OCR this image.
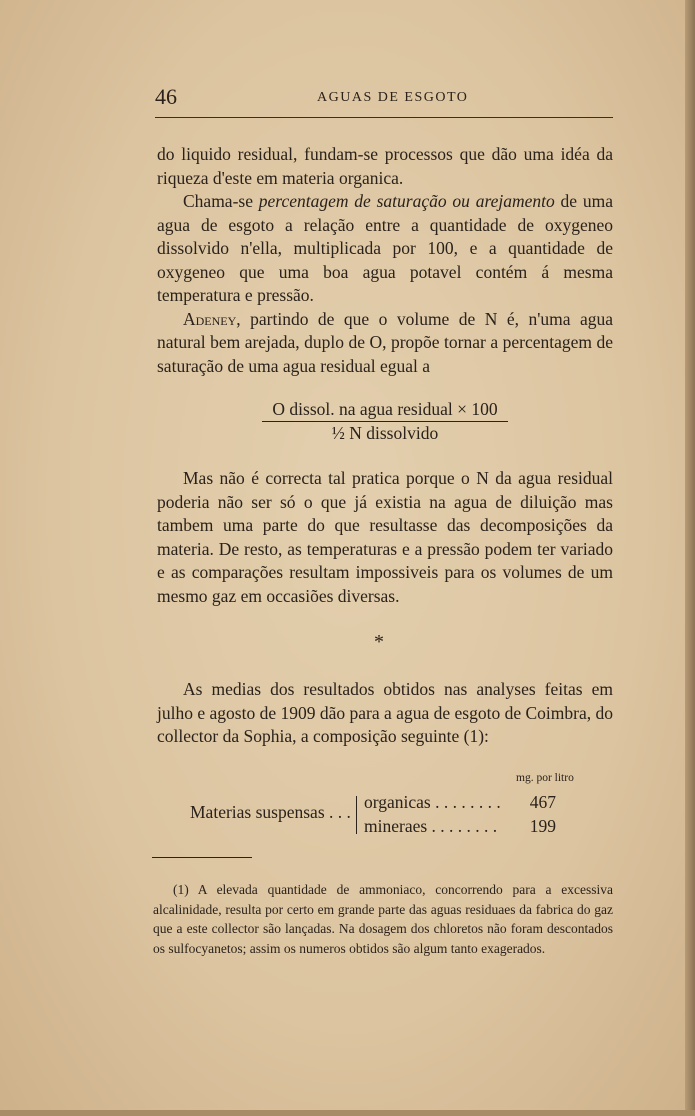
46	AGUAS DE ESGOTO

do liquido residual, fundam-se processos que dão uma idéa da riqueza d'este em materia organica.

Chama-se percentagem de saturação ou arejamento de uma agua de esgoto a relação entre a quantidade de oxygeneo dissolvido n'ella, multiplicada por 100, e a quantidade de oxygeneo que uma boa agua potavel contém á mesma temperatura e pressão.

Adeney, partindo de que o volume de N é, n'uma agua natural bem arejada, duplo de O, propõe tornar a percentagem de saturação de uma agua residual egual a

O dissol. na agua residual × 100
½ N dissolvido

Mas não é correcta tal pratica porque o N da agua residual poderia não ser só o que já existia na agua de diluição mas tambem uma parte do que resultasse das decomposições da materia. De resto, as temperaturas e a pressão podem ter variado e as comparações resultam impossiveis para os volumes de um mesmo gaz em occasiões diversas.

*

As medias dos resultados obtidos nas analyses feitas em julho e agosto de 1909 dão para a agua de esgoto de Coimbra, do collector da Sophia, a composição seguinte (1):

mg. por litro
Materias suspensas . . . organicas . . . . . . . . 467
mineraes . . . . . . . . 199

(1) A elevada quantidade de ammoniaco, concorrendo para a excessiva alcalinidade, resulta por certo em grande parte das aguas residuaes da fabrica do gaz que a este collector são lançadas. Na dosagem dos chloretos não foram descontados os sulfocyanetos; assim os numeros obtidos são algum tanto exagerados.
